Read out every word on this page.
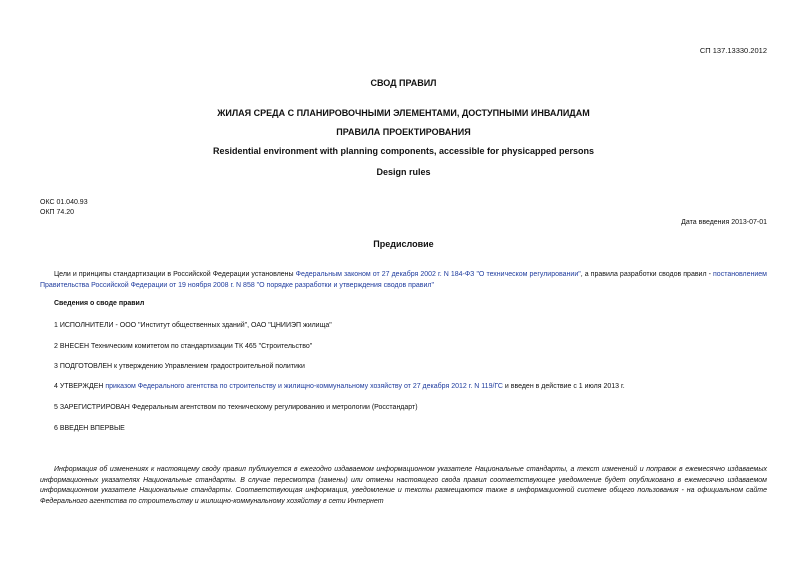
СП 137.13330.2012
СВОД ПРАВИЛ
ЖИЛАЯ СРЕДА С ПЛАНИРОВОЧНЫМИ ЭЛЕМЕНТАМИ, ДОСТУПНЫМИ ИНВАЛИДАМ
ПРАВИЛА ПРОЕКТИРОВАНИЯ
Residential environment with planning components, accessible for physicapped persons
Design rules
ОКС 01.040.93
ОКП 74.20
Дата введения 2013-07-01
Предисловие
Цели и принципы стандартизации в Российской Федерации установлены Федеральным законом от 27 декабря 2002 г. N 184-ФЗ "О техническом регулировании", а правила разработки сводов правил - постановлением Правительства Российской Федерации от 19 ноября 2008 г. N 858 "О порядке разработки и утверждения сводов правил"
Сведения о своде правил
1 ИСПОЛНИТЕЛИ - ООО "Институт общественных зданий", ОАО "ЦНИИЭП жилища"
2 ВНЕСЕН Техническим комитетом по стандартизации ТК 465 "Строительство"
3 ПОДГОТОВЛЕН к утверждению Управлением градостроительной политики
4 УТВЕРЖДЕН приказом Федерального агентства по строительству и жилищно-коммунальному хозяйству от 27 декабря 2012 г. N 119/ГС и введен в действие с 1 июля 2013 г.
5 ЗАРЕГИСТРИРОВАН Федеральным агентством по техническому регулированию и метрологии (Росстандарт)
6 ВВЕДЕН ВПЕРВЫЕ
Информация об изменениях к настоящему своду правил публикуется в ежегодно издаваемом информационном указателе Национальные стандарты, а текст изменений и поправок в ежемесячно издаваемых информационных указателях Национальные стандарты. В случае пересмотра (замены) или отмены настоящего свода правил соответствующее уведомление будет опубликовано в ежемесячно издаваемом информационном указателе Национальные стандарты. Соответствующая информация, уведомление и тексты размещаются также в информационной системе общего пользования - на официальном сайте Федерального агентства по строительству и жилищно-коммунальному хозяйству в сети Интернет
